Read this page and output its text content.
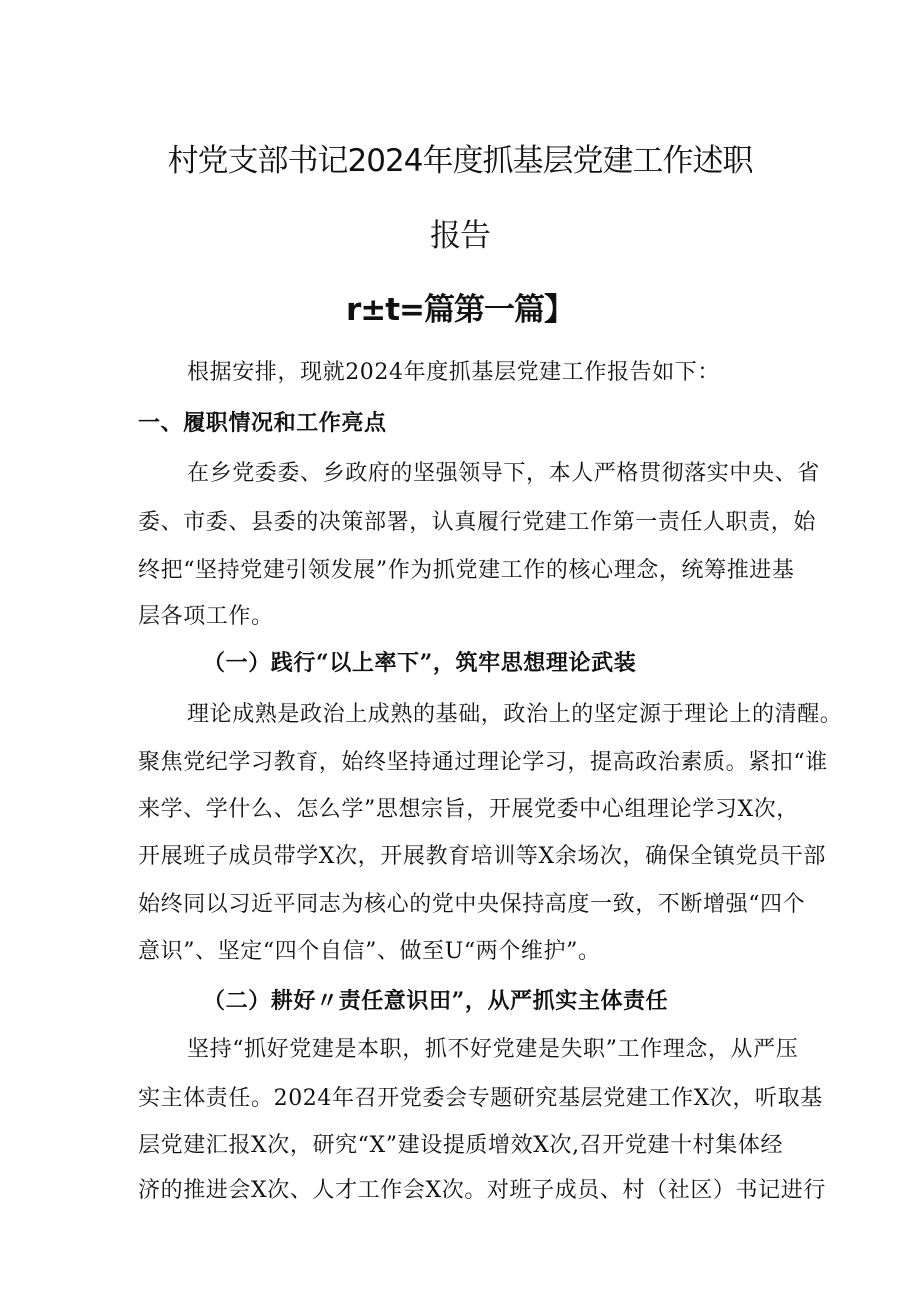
村党支部书记2024年度抓基层党建工作述职
报告
r±t=篇第一篇】
根据安排，现就2024年度抓基层党建工作报告如下：
一、履职情况和工作亮点
在乡党委委、乡政府的坚强领导下，本人严格贯彻落实中央、省
委、市委、县委的决策部署，认真履行党建工作第一责任人职责，始
终把“坚持党建引领发展”作为抓党建工作的核心理念，统筹推进基
层各项工作。
（一）践行“以上率下”，筑牢思想理论武装
理论成熟是政治上成熟的基础，政治上的坚定源于理论上的清醒。
聚焦党纪学习教育，始终坚持通过理论学习，提高政治素质。紧扣“谁
来学、学什么、怎么学”思想宗旨，开展党委中心组理论学习X次，
开展班子成员带学X次，开展教育培训等X余场次，确保全镇党员干部
始终同以习近平同志为核心的党中央保持高度一致，不断增强“四个
意识”、坚定“四个自信”、做至U“两个维护”。
（二）耕好〃责任意识田”，从严抓实主体责任
坚持“抓好党建是本职，抓不好党建是失职”工作理念，从严压
实主体责任。2024年召开党委会专题研究基层党建工作X次，听取基
层党建汇报X次，研究“X”建设提质增效X次,召开党建十村集体经
济的推进会X次、人才工作会X次。对班子成员、村（社区）书记进行
